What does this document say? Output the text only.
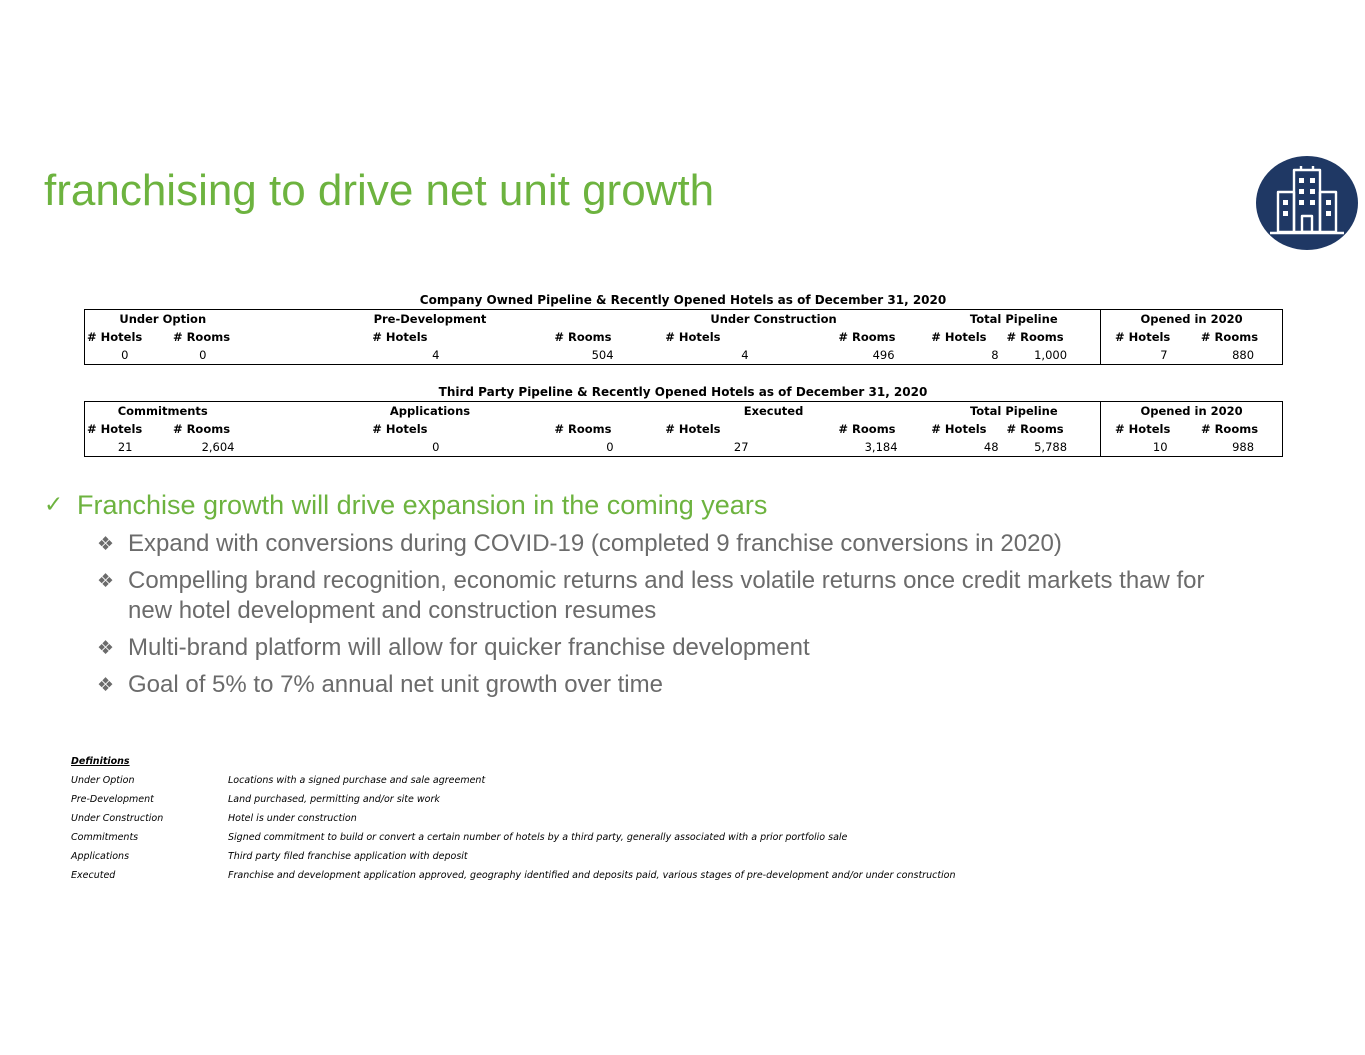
franchising to drive net unit growth
Company Owned Pipeline & Recently Opened Hotels as of December 31, 2020
Under Option		Pre-Development		Under Construction		Total Pipeline		Opened in 2020	
# Hotels	# Rooms	# Hotels	# Rooms	# Hotels	# Rooms	# Hotels	# Rooms	# Hotels	# Rooms
0	0	4	504	4	496	8	1,000	7	880
Third Party Pipeline & Recently Opened Hotels as of December 31, 2020
Commitments		Applications		Executed		Total Pipeline		Opened in 2020	
# Hotels	# Rooms	# Hotels	# Rooms	# Hotels	# Rooms	# Hotels	# Rooms	# Hotels	# Rooms
21	2,604	0	0	27	3,184	48	5,788	10	988
✓ Franchise growth will drive expansion in the coming years
❖ Expand with conversions during COVID-19 (completed 9 franchise conversions in 2020)
❖ Compelling brand recognition, economic returns and less volatile returns once credit markets thaw for new hotel development and construction resumes
❖ Multi-brand platform will allow for quicker franchise development
❖ Goal of 5% to 7% annual net unit growth over time
Definitions
Under Option	Locations with a signed purchase and sale agreement
Pre-Development	Land purchased, permitting and/or site work
Under Construction	Hotel is under construction
Commitments	Signed commitment to build or convert a certain number of hotels by a third party, generally associated with a prior portfolio sale
Applications	Third party filed franchise application with deposit
Executed	Franchise and development application approved, geography identified and deposits paid, various stages of pre-development and/or under construction
